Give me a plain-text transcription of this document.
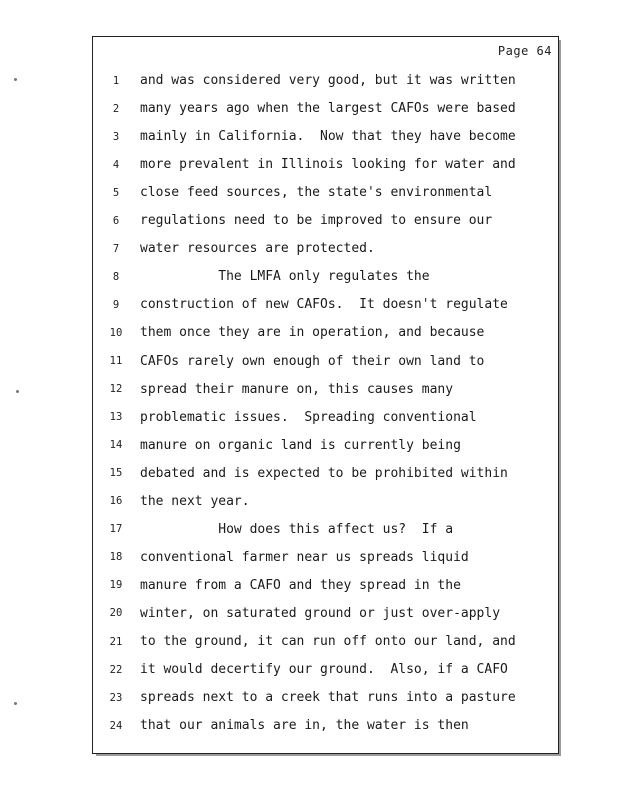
Page 64
1	and was considered very good, but it was written
2	many years ago when the largest CAFOs were based
3	mainly in California.  Now that they have become
4	more prevalent in Illinois looking for water and
5	close feed sources, the state's environmental
6	regulations need to be improved to ensure our
7	water resources are protected.
8	The LMFA only regulates the
9	construction of new CAFOs.  It doesn't regulate
10	them once they are in operation, and because
11	CAFOs rarely own enough of their own land to
12	spread their manure on, this causes many
13	problematic issues.  Spreading conventional
14	manure on organic land is currently being
15	debated and is expected to be prohibited within
16	the next year.
17	How does this affect us?  If a
18	conventional farmer near us spreads liquid
19	manure from a CAFO and they spread in the
20	winter, on saturated ground or just over-apply
21	to the ground, it can run off onto our land, and
22	it would decertify our ground.  Also, if a CAFO
23	spreads next to a creek that runs into a pasture
24	that our animals are in, the water is then
